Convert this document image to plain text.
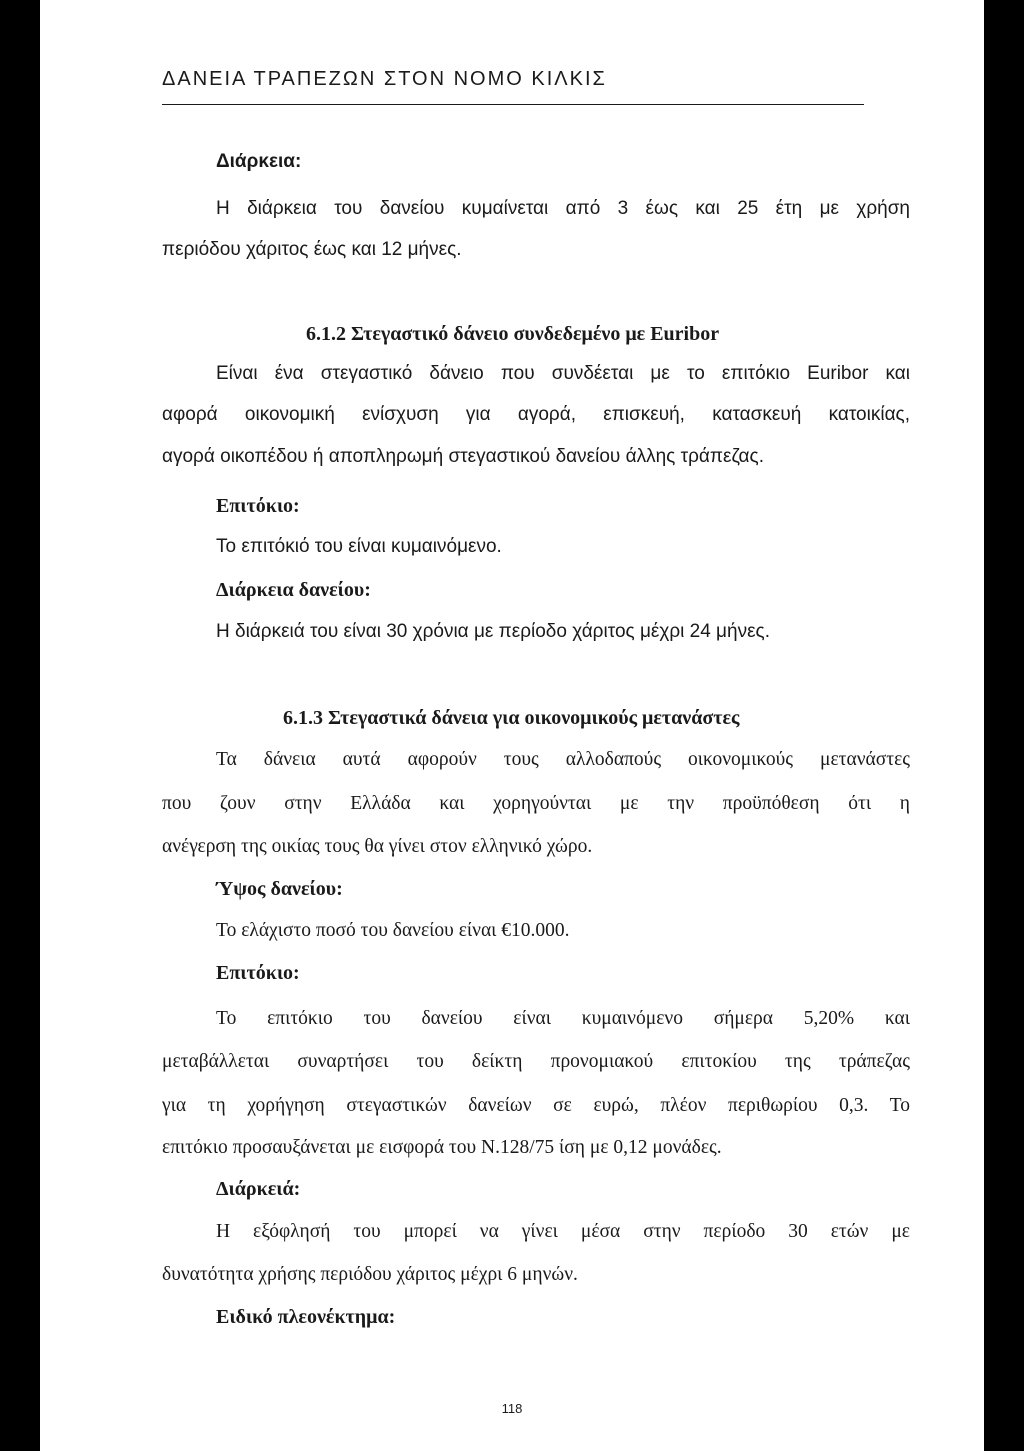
ΔΑΝΕΙΑ ΤΡΑΠΕΖΩΝ ΣΤΟΝ ΝΟΜΟ ΚΙΛΚΙΣ

Διάρκεια:

Η διάρκεια του δανείου κυμαίνεται από 3 έως και 25 έτη με χρήση

περιόδου χάριτος έως και 12 μήνες.

6.1.2 Στεγαστικό δάνειο συνδεδεμένο με Euribor

Είναι ένα στεγαστικό δάνειο που συνδέεται με το επιτόκιο Euribor και

αφορά οικονομική ενίσχυση για αγορά, επισκευή, κατασκευή κατοικίας,

αγορά οικοπέδου ή αποπληρωμή στεγαστικού δανείου άλλης τράπεζας.

Επιτόκιο:

Το επιτόκιό του είναι κυμαινόμενο.

Διάρκεια δανείου:

Η διάρκειά του είναι 30 χρόνια με περίοδο χάριτος μέχρι 24 μήνες.

6.1.3 Στεγαστικά δάνεια για οικονομικούς μετανάστες

Τα δάνεια αυτά αφορούν τους αλλοδαπούς οικονομικούς μετανάστες

που ζουν στην Ελλάδα και χορηγούνται με την προϋπόθεση ότι η

ανέγερση της οικίας τους θα γίνει στον ελληνικό χώρο.

Ύψος δανείου:

Το ελάχιστο ποσό του δανείου είναι €10.000.

Επιτόκιο:

Το επιτόκιο του δανείου είναι κυμαινόμενο σήμερα 5,20% και

μεταβάλλεται συναρτήσει του δείκτη προνομιακού επιτοκίου της τράπεζας

για τη χορήγηση στεγαστικών δανείων σε ευρώ, πλέον περιθωρίου 0,3. Το

επιτόκιο προσαυξάνεται με εισφορά του Ν.128/75 ίση με 0,12 μονάδες.

Διάρκειά:

Η εξόφλησή του μπορεί να γίνει μέσα στην περίοδο 30 ετών με

δυνατότητα χρήσης περιόδου χάριτος μέχρι 6 μηνών.

Ειδικό πλεονέκτημα:

118
